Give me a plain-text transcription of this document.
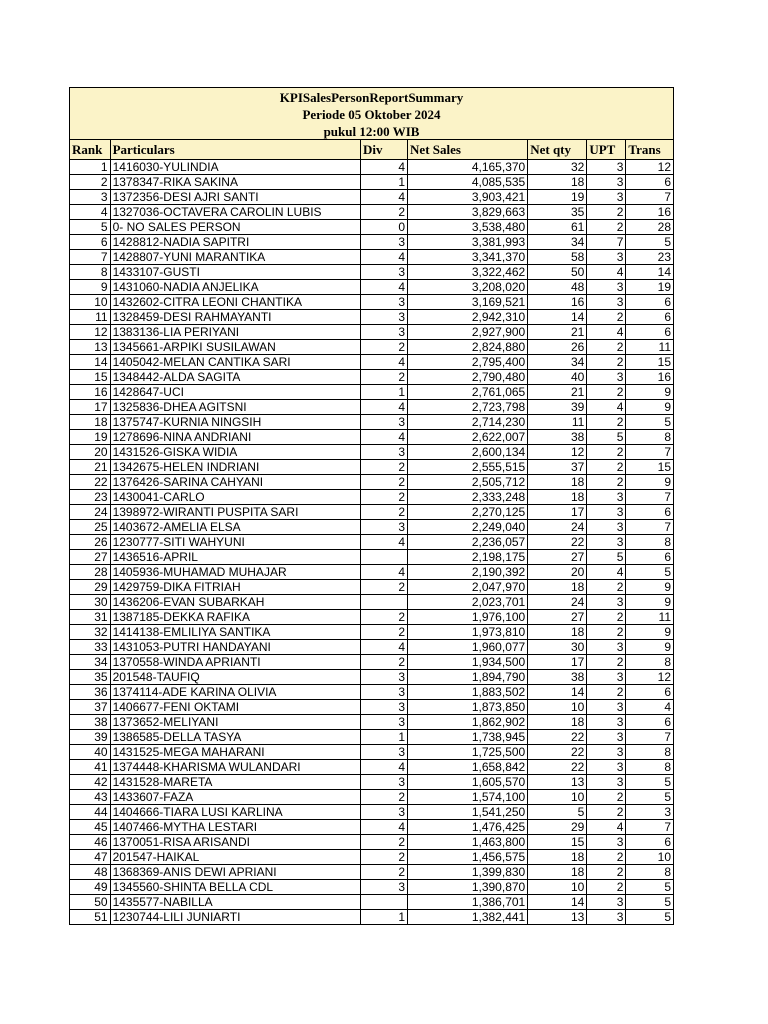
KPISalesPersonReportSummary
Periode 05 Oktober 2024
pukul 12:00 WIB
Rank	Particulars	Div	Net Sales	Net qty	UPT	Trans
1	1416030-YULINDIA	4	4,165,370	32	3	12
2	1378347-RIKA SAKINA	1	4,085,535	18	3	6
3	1372356-DESI AJRI SANTI	4	3,903,421	19	3	7
4	1327036-OCTAVERA CAROLIN LUBIS	2	3,829,663	35	2	16
5	0- NO SALES PERSON	0	3,538,480	61	2	28
6	1428812-NADIA SAPITRI	3	3,381,993	34	7	5
7	1428807-YUNI MARANTIKA	4	3,341,370	58	3	23
8	1433107-GUSTI	3	3,322,462	50	4	14
9	1431060-NADIA ANJELIKA	4	3,208,020	48	3	19
10	1432602-CITRA LEONI CHANTIKA	3	3,169,521	16	3	6
11	1328459-DESI RAHMAYANTI	3	2,942,310	14	2	6
12	1383136-LIA PERIYANI	3	2,927,900	21	4	6
13	1345661-ARPIKI SUSILAWAN	2	2,824,880	26	2	11
14	1405042-MELAN CANTIKA SARI	4	2,795,400	34	2	15
15	1348442-ALDA SAGITA	2	2,790,480	40	3	16
16	1428647-UCI	1	2,761,065	21	2	9
17	1325836-DHEA AGITSNI	4	2,723,798	39	4	9
18	1375747-KURNIA NINGSIH	3	2,714,230	11	2	5
19	1278696-NINA ANDRIANI	4	2,622,007	38	5	8
20	1431526-GISKA WIDIA	3	2,600,134	12	2	7
21	1342675-HELEN INDRIANI	2	2,555,515	37	2	15
22	1376426-SARINA CAHYANI	2	2,505,712	18	2	9
23	1430041-CARLO	2	2,333,248	18	3	7
24	1398972-WIRANTI PUSPITA SARI	2	2,270,125	17	3	6
25	1403672-AMELIA ELSA	3	2,249,040	24	3	7
26	1230777-SITI WAHYUNI	4	2,236,057	22	3	8
27	1436516-APRIL		2,198,175	27	5	6
28	1405936-MUHAMAD MUHAJAR	4	2,190,392	20	4	5
29	1429759-DIKA FITRIAH	2	2,047,970	18	2	9
30	1436206-EVAN SUBARKAH		2,023,701	24	3	9
31	1387185-DEKKA RAFIKA	2	1,976,100	27	2	11
32	1414138-EMLILIYA SANTIKA	2	1,973,810	18	2	9
33	1431053-PUTRI HANDAYANI	4	1,960,077	30	3	9
34	1370558-WINDA APRIANTI	2	1,934,500	17	2	8
35	201548-TAUFIQ	3	1,894,790	38	3	12
36	1374114-ADE KARINA OLIVIA	3	1,883,502	14	2	6
37	1406677-FENI OKTAMI	3	1,873,850	10	3	4
38	1373652-MELIYANI	3	1,862,902	18	3	6
39	1386585-DELLA TASYA	1	1,738,945	22	3	7
40	1431525-MEGA MAHARANI	3	1,725,500	22	3	8
41	1374448-KHARISMA WULANDARI	4	1,658,842	22	3	8
42	1431528-MARETA	3	1,605,570	13	3	5
43	1433607-FAZA	2	1,574,100	10	2	5
44	1404666-TIARA LUSI KARLINA	3	1,541,250	5	2	3
45	1407466-MYTHA LESTARI	4	1,476,425	29	4	7
46	1370051-RISA ARISANDI	2	1,463,800	15	3	6
47	201547-HAIKAL	2	1,456,575	18	2	10
48	1368369-ANIS DEWI APRIANI	2	1,399,830	18	2	8
49	1345560-SHINTA BELLA CDL	3	1,390,870	10	2	5
50	1435577-NABILLA		1,386,701	14	3	5
51	1230744-LILI JUNIARTI	1	1,382,441	13	3	5
